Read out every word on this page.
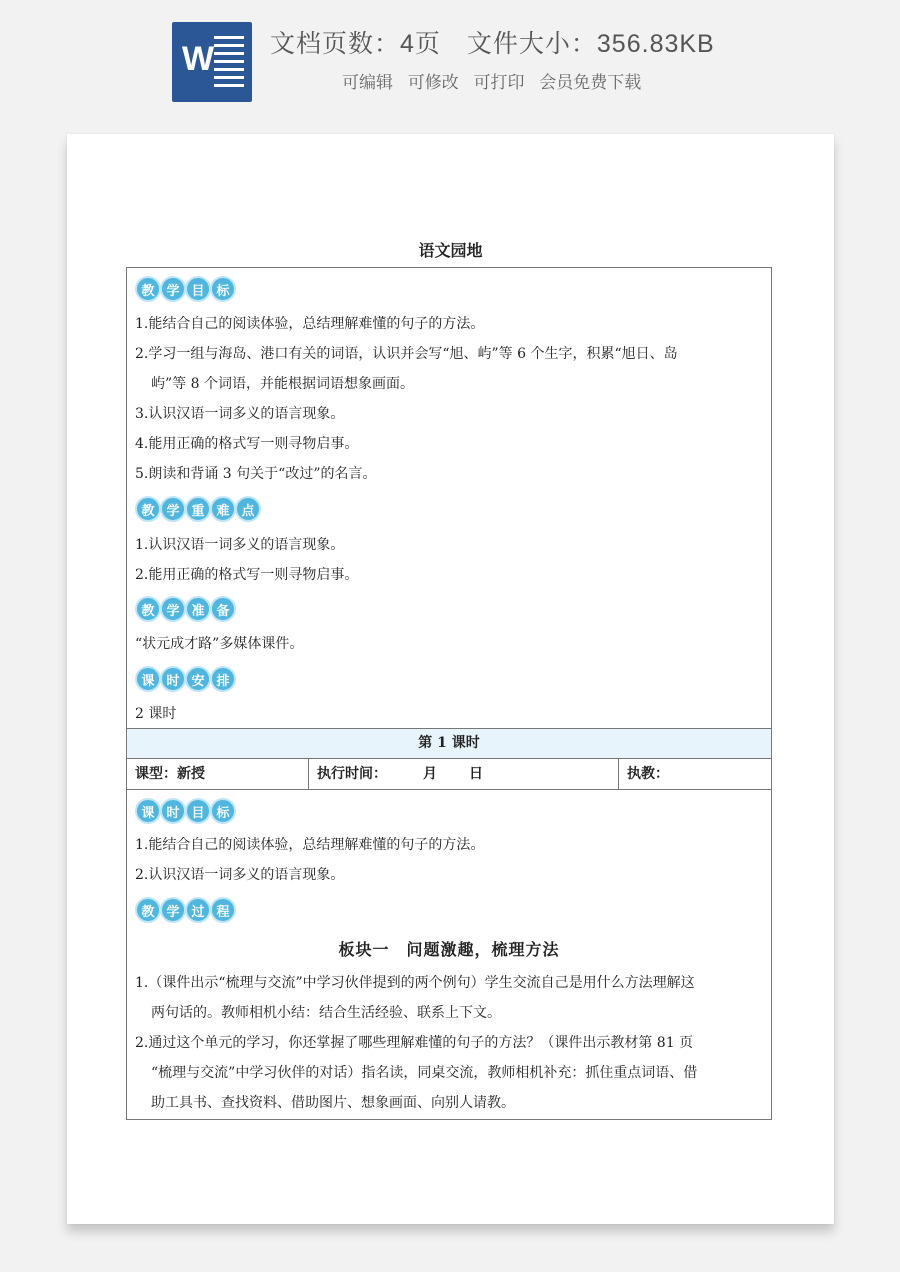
W 文档页数：4页 文件大小：356.83KB
可编辑 可修改 可打印 会员免费下载
语文园地
教 学 目 标
1.能结合自己的阅读体验，总结理解难懂的句子的方法。
2.学习一组与海岛、港口有关的词语，认识并会写“旭、屿”等 6 个生字，积累“旭日、岛
屿”等 8 个词语，并能根据词语想象画面。
3.认识汉语一词多义的语言现象。
4.能用正确的格式写一则寻物启事。
5.朗读和背诵 3 句关于“改过”的名言。
教 学 重 难 点
1.认识汉语一词多义的语言现象。
2.能用正确的格式写一则寻物启事。
教 学 准 备
“状元成才路”多媒体课件。
课 时 安 排
2 课时
第 1 课时
课型：新授	执行时间：	月 日	执教：
课 时 目 标
1.能结合自己的阅读体验，总结理解难懂的句子的方法。
2.认识汉语一词多义的语言现象。
教 学 过 程
板块一　问题激趣，梳理方法
1.（课件出示“梳理与交流”中学习伙伴提到的两个例句）学生交流自己是用什么方法理解这
两句话的。教师相机小结：结合生活经验、联系上下文。
2.通过这个单元的学习，你还掌握了哪些理解难懂的句子的方法？（课件出示教材第 81 页
“梳理与交流”中学习伙伴的对话）指名读，同桌交流，教师相机补充：抓住重点词语、借
助工具书、查找资料、借助图片、想象画面、向别人请教。
